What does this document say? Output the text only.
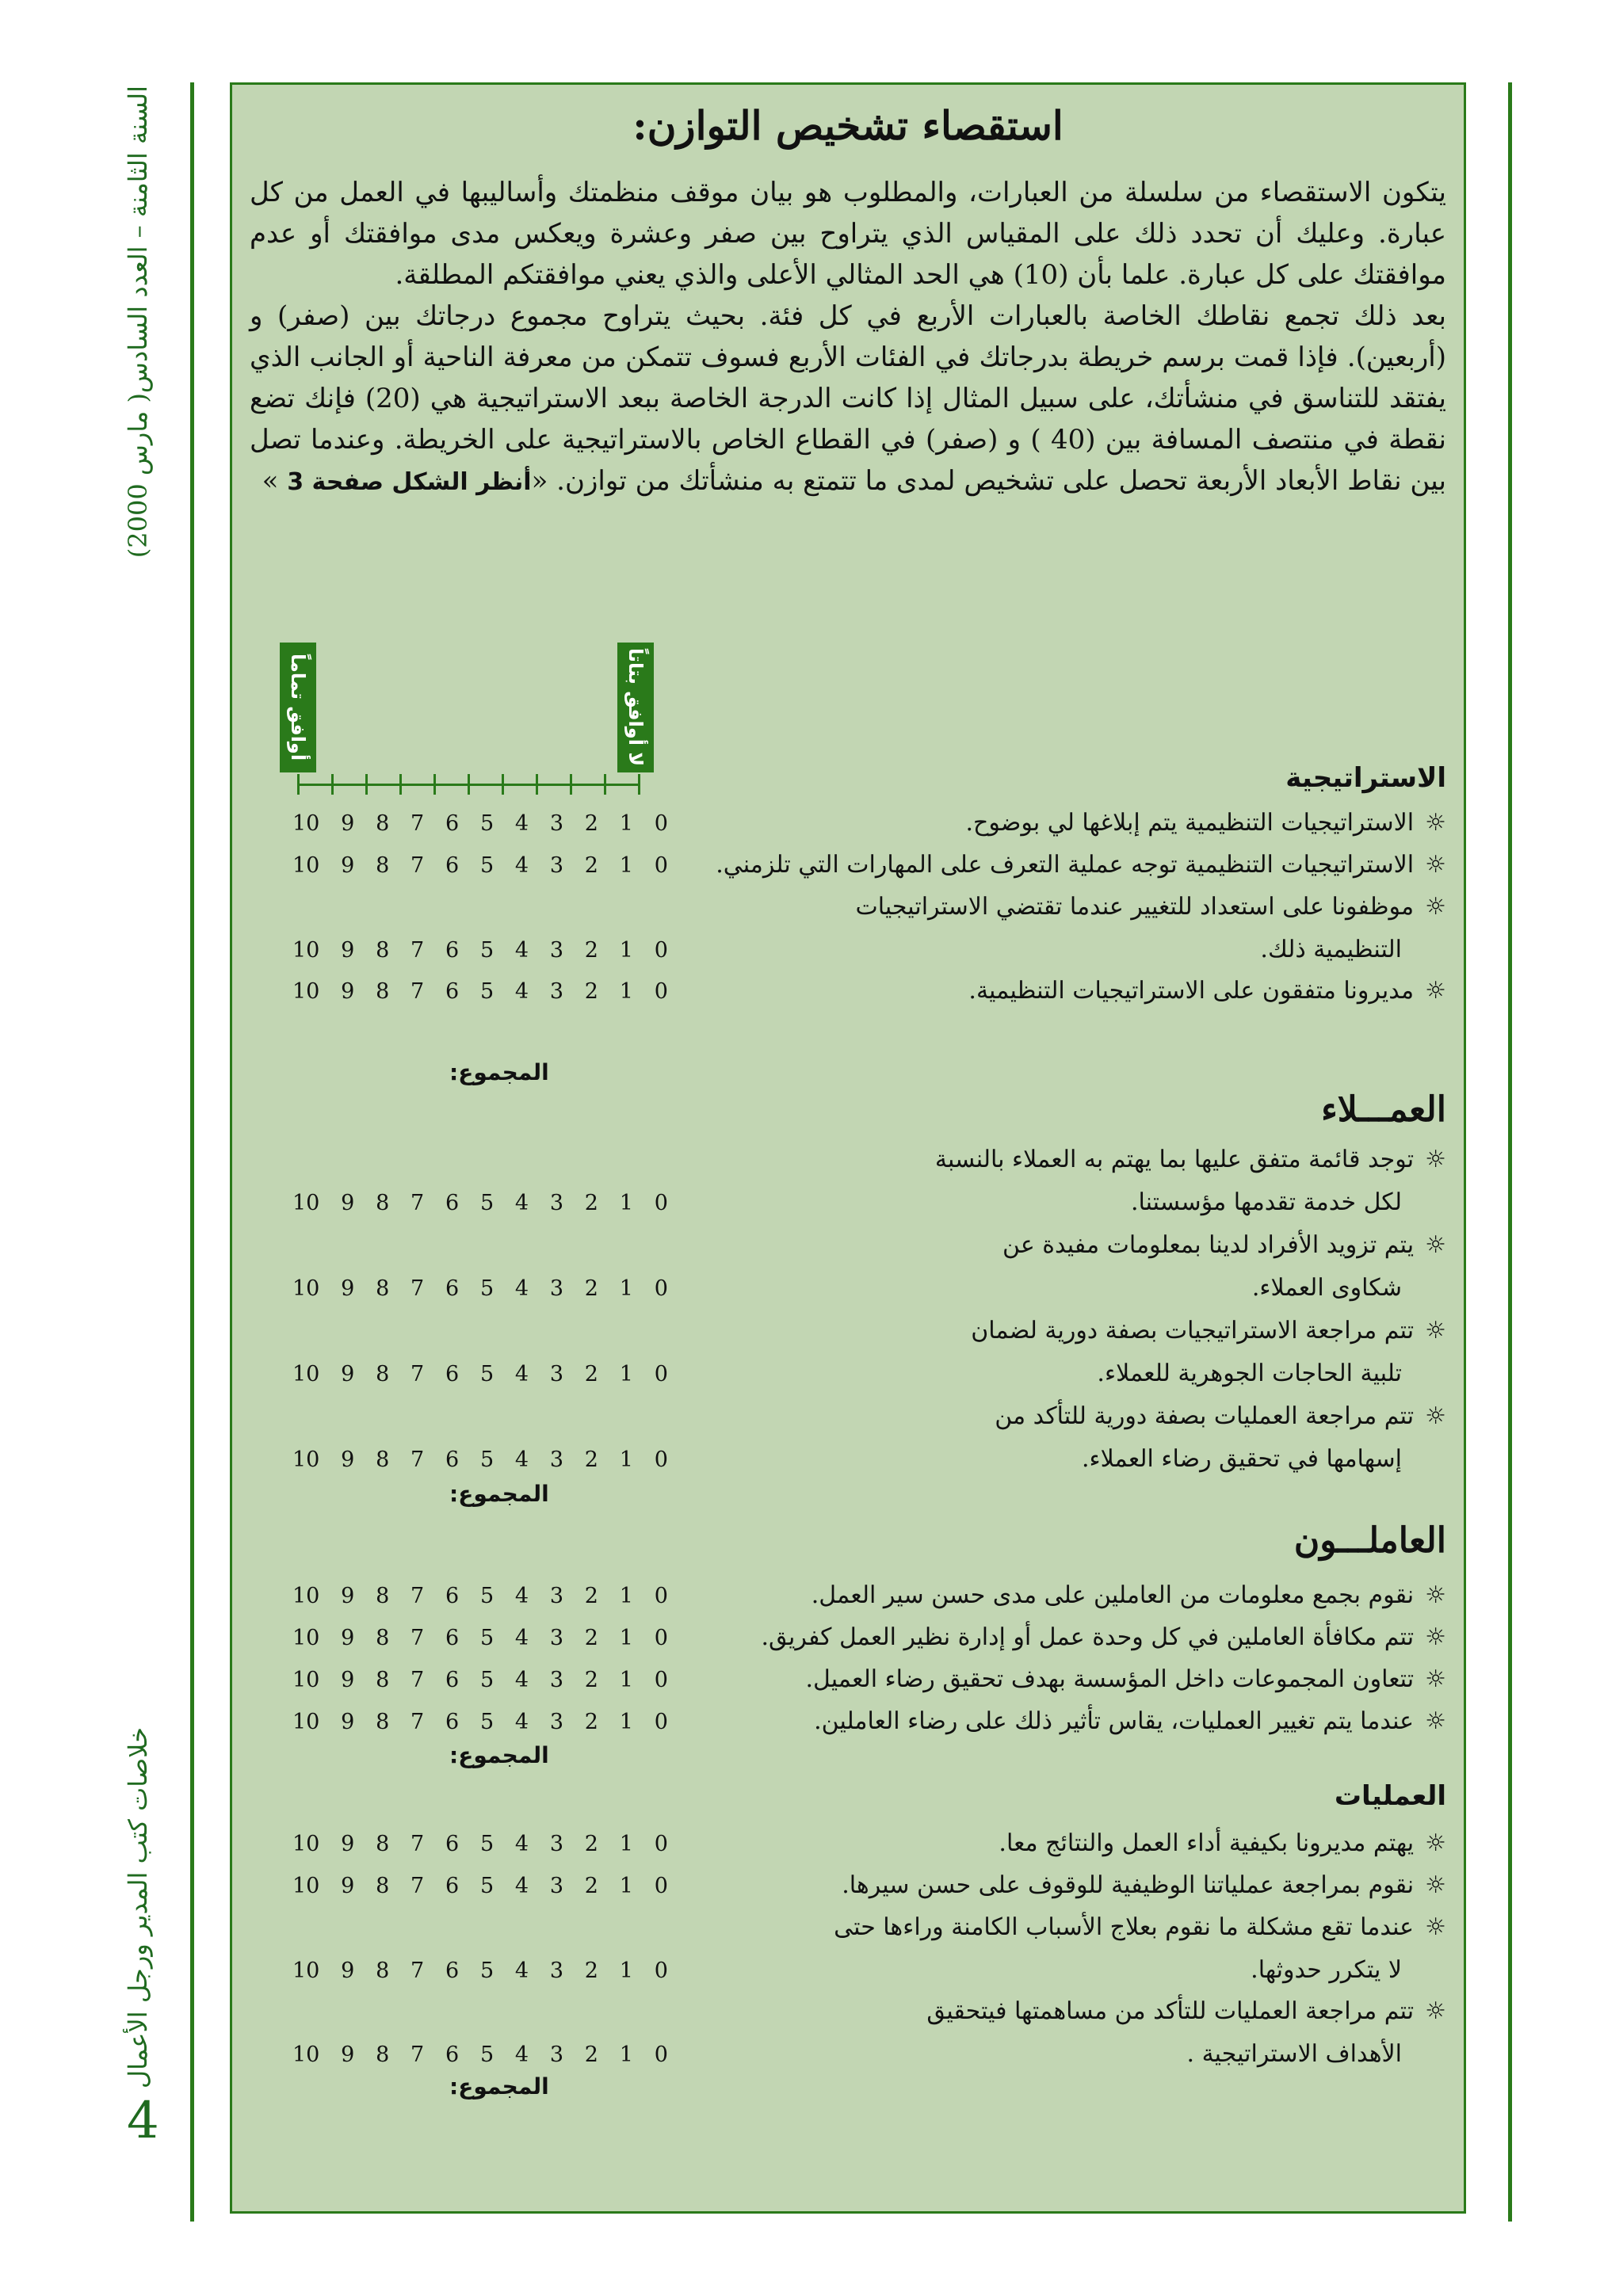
السنة الثامنة – العدد السادس( مارس 2000)
خلاصات كتب المدير ورجل الأعمال
4
استقصاء تشخيص التوازن:

يتكون الاستقصاء من سلسلة من العبارات، والمطلوب هو بيان موقف منظمتك وأساليبها في العمل من كل عبارة. وعليك أن تحدد ذلك على المقياس الذي يتراوح بين صفر وعشرة ويعكس مدى موافقتك أو عدم موافقتك على كل عبارة. علما بأن (10) هي الحد المثالي الأعلى والذي يعني موافقتكم المطلقة.

بعد ذلك تجمع نقاطك الخاصة بالعبارات الأربع في كل فئة. بحيث يتراوح مجموع درجاتك بين (صفر) و (أربعين). فإذا قمت برسم خريطة بدرجاتك في الفئات الأربع فسوف تتمكن من معرفة الناحية أو الجانب الذي يفتقد للتناسق في منشأتك، على سبيل المثال إذا كانت الدرجة الخاصة ببعد الاستراتيجية هي (20) فإنك تضع نقطة في منتصف المسافة بين (40 ) و (صفر) في القطاع الخاص بالاستراتيجية على الخريطة. وعندما تصل بين نقاط الأبعاد الأربعة تحصل على تشخيص لمدى ما تتمتع به منشأتك من توازن. «أنظر الشكل صفحة 3 »

أوافق تماماً	لا أوافق بتاتاً
الاستراتيجية
☼الاستراتيجيات التنظيمية يتم إبلاغها لي بوضوح.
0
1
2
3
4
5
6
7
8
9
10
☼الاستراتيجيات التنظيمية توجه عملية التعرف على المهارات التي تلزمني.
0
1
2
3
4
5
6
7
8
9
10
☼موظفونا على استعداد للتغيير عندما تقتضي الاستراتيجيات
التنظيمية ذلك.
0
1
2
3
4
5
6
7
8
9
10
☼مديرونا متفقون على الاستراتيجيات التنظيمية.
0
1
2
3
4
5
6
7
8
9
10
المجموع:
العمـــلاء
☼توجد قائمة متفق عليها بما يهتم به العملاء بالنسبة
لكل خدمة تقدمها مؤسستنا.
0
1
2
3
4
5
6
7
8
9
10
☼يتم تزويد الأفراد لدينا بمعلومات مفيدة عن
شكاوى العملاء.
0
1
2
3
4
5
6
7
8
9
10
☼تتم مراجعة الاستراتيجيات بصفة دورية لضمان
تلبية الحاجات الجوهرية للعملاء.
0
1
2
3
4
5
6
7
8
9
10
☼تتم مراجعة العمليات بصفة دورية للتأكد من
إسهامها في تحقيق رضاء العملاء.
0
1
2
3
4
5
6
7
8
9
10
المجموع:
العاملـــون
☼نقوم بجمع معلومات من العاملين على مدى حسن سير العمل.
0
1
2
3
4
5
6
7
8
9
10
☼تتم مكافأة العاملين في كل وحدة عمل أو إدارة نظير العمل كفريق.
0
1
2
3
4
5
6
7
8
9
10
☼تتعاون المجموعات داخل المؤسسة بهدف تحقيق رضاء العميل.
0
1
2
3
4
5
6
7
8
9
10
☼عندما يتم تغيير العمليات، يقاس تأثير ذلك على رضاء العاملين.
0
1
2
3
4
5
6
7
8
9
10
المجموع:
العمليات
☼يهتم مديرونا بكيفية أداء العمل والنتائج معا.
0
1
2
3
4
5
6
7
8
9
10
☼نقوم بمراجعة عملياتنا الوظيفية للوقوف على حسن سيرها.
0
1
2
3
4
5
6
7
8
9
10
☼عندما تقع مشكلة ما نقوم بعلاج الأسباب الكامنة وراءها حتى
لا يتكرر حدوثها.
0
1
2
3
4
5
6
7
8
9
10
☼تتم مراجعة العمليات للتأكد من مساهمتها فيتحقيق
الأهداف الاستراتيجية .
0
1
2
3
4
5
6
7
8
9
10
المجموع:
